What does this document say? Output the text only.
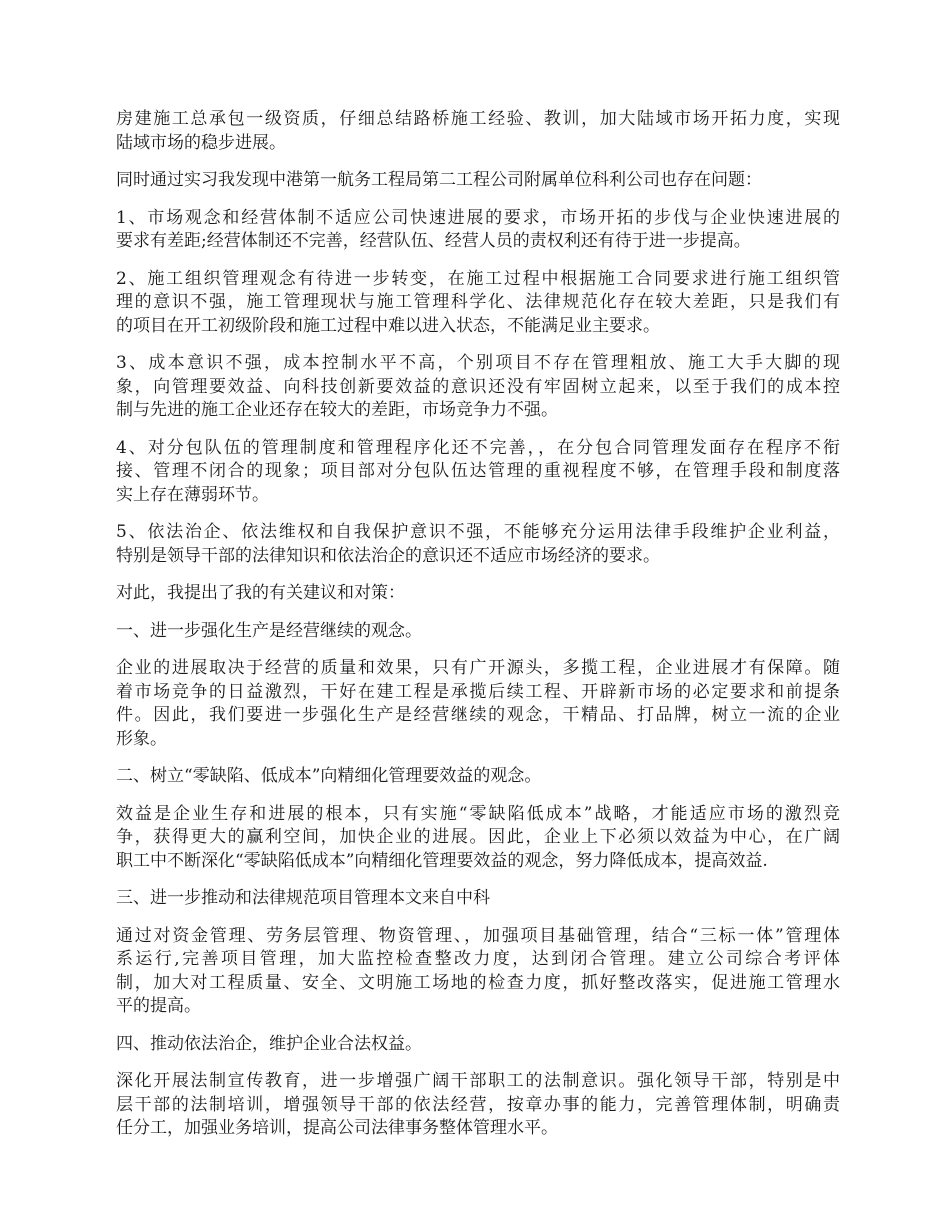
房建施工总承包一级资质，仔细总结路桥施工经验、教训，加大陆域市场开拓力度，实现
陆域市场的稳步进展。
同时通过实习我发现中港第一航务工程局第二工程公司附属单位科利公司也存在问题：
1、市场观念和经营体制不适应公司快速进展的要求，市场开拓的步伐与企业快速进展的
要求有差距;经营体制还不完善，经营队伍、经营人员的责权利还有待于进一步提高。
2、施工组织管理观念有待进一步转变，在施工过程中根据施工合同要求进行施工组织管
理的意识不强，施工管理现状与施工管理科学化、法律规范化存在较大差距，只是我们有
的项目在开工初级阶段和施工过程中难以进入状态，不能满足业主要求。
3、成本意识不强，成本控制水平不高，个别项目不存在管理粗放、施工大手大脚的现
象，向管理要效益、向科技创新要效益的意识还没有牢固树立起来，以至于我们的成本控
制与先进的施工企业还存在较大的差距，市场竞争力不强。
4、对分包队伍的管理制度和管理程序化还不完善，，在分包合同管理发面存在程序不衔
接、管理不闭合的现象；项目部对分包队伍达管理的重视程度不够，在管理手段和制度落
实上存在薄弱环节。
5、依法治企、依法维权和自我保护意识不强，不能够充分运用法律手段维护企业利益，
特别是领导干部的法律知识和依法治企的意识还不适应市场经济的要求。
对此，我提出了我的有关建议和对策：
一、进一步强化生产是经营继续的观念。
企业的进展取决于经营的质量和效果，只有广开源头，多揽工程，企业进展才有保障。随
着市场竞争的日益激烈，干好在建工程是承揽后续工程、开辟新市场的必定要求和前提条
件。因此，我们要进一步强化生产是经营继续的观念，干精品、打品牌，树立一流的企业
形象。
二、树立“零缺陷、低成本”向精细化管理要效益的观念。
效益是企业生存和进展的根本，只有实施“零缺陷低成本”战略，才能适应市场的激烈竞
争，获得更大的赢利空间，加快企业的进展。因此，企业上下必须以效益为中心，在广阔
职工中不断深化“零缺陷低成本”向精细化管理要效益的观念，努力降低成本，提高效益.
三、进一步推动和法律规范项目管理本文来自中科
通过对资金管理、劳务层管理、物资管理、，加强项目基础管理，结合“三标一体”管理体
系运行,完善项目管理，加大监控检查整改力度，达到闭合管理。建立公司综合考评体
制，加大对工程质量、安全、文明施工场地的检查力度，抓好整改落实，促进施工管理水
平的提高。
四、推动依法治企，维护企业合法权益。
深化开展法制宣传教育，进一步增强广阔干部职工的法制意识。强化领导干部，特别是中
层干部的法制培训，增强领导干部的依法经营，按章办事的能力，完善管理体制，明确责
任分工，加强业务培训，提高公司法律事务整体管理水平。
